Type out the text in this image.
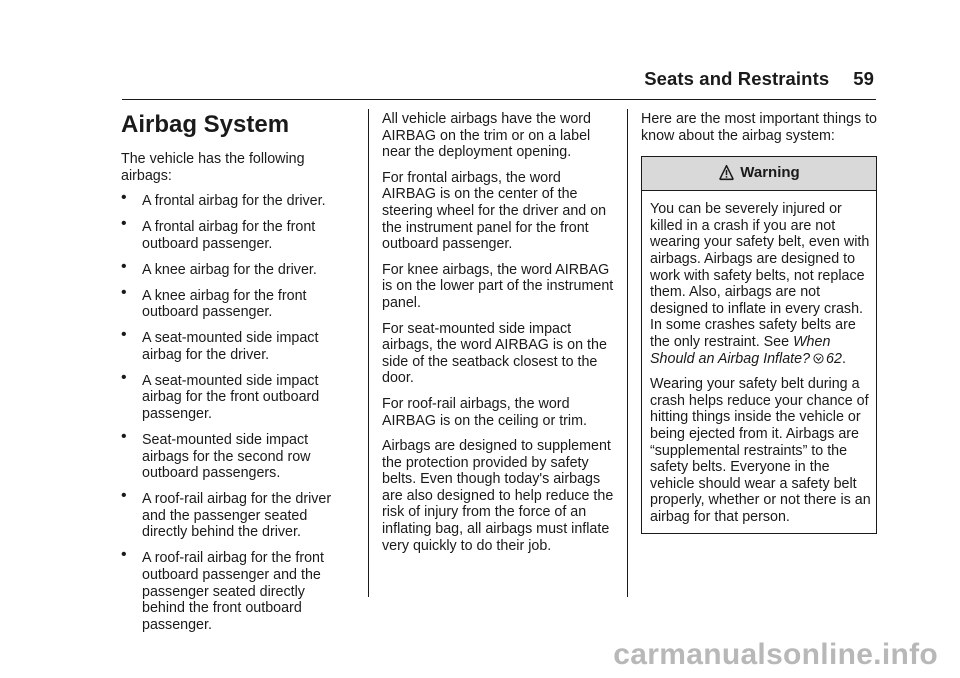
Seats and Restraints 59
Airbag System

The vehicle has the following airbags:

• A frontal airbag for the driver.
• A frontal airbag for the front outboard passenger.
• A knee airbag for the driver.
• A knee airbag for the front outboard passenger.
• A seat-mounted side impact airbag for the driver.
• A seat-mounted side impact airbag for the front outboard passenger.
• Seat-mounted side impact airbags for the second row outboard passengers.
• A roof-rail airbag for the driver and the passenger seated directly behind the driver.
• A roof-rail airbag for the front outboard passenger and the passenger seated directly behind the front outboard passenger.

All vehicle airbags have the word AIRBAG on the trim or on a label near the deployment opening.

For frontal airbags, the word AIRBAG is on the center of the steering wheel for the driver and on the instrument panel for the front outboard passenger.

For knee airbags, the word AIRBAG is on the lower part of the instrument panel.

For seat-mounted side impact airbags, the word AIRBAG is on the side of the seatback closest to the door.

For roof-rail airbags, the word AIRBAG is on the ceiling or trim.

Airbags are designed to supplement the protection provided by safety belts. Even though today's airbags are also designed to help reduce the risk of injury from the force of an inflating bag, all airbags must inflate very quickly to do their job.

Here are the most important things to know about the airbag system:

Warning

You can be severely injured or killed in a crash if you are not wearing your safety belt, even with airbags. Airbags are designed to work with safety belts, not replace them. Also, airbags are not designed to inflate in every crash. In some crashes safety belts are the only restraint. See When Should an Airbag Inflate? 62.

Wearing your safety belt during a crash helps reduce your chance of hitting things inside the vehicle or being ejected from it. Airbags are “supplemental restraints” to the safety belts. Everyone in the vehicle should wear a safety belt properly, whether or not there is an airbag for that person.

carmanualsonline.info
